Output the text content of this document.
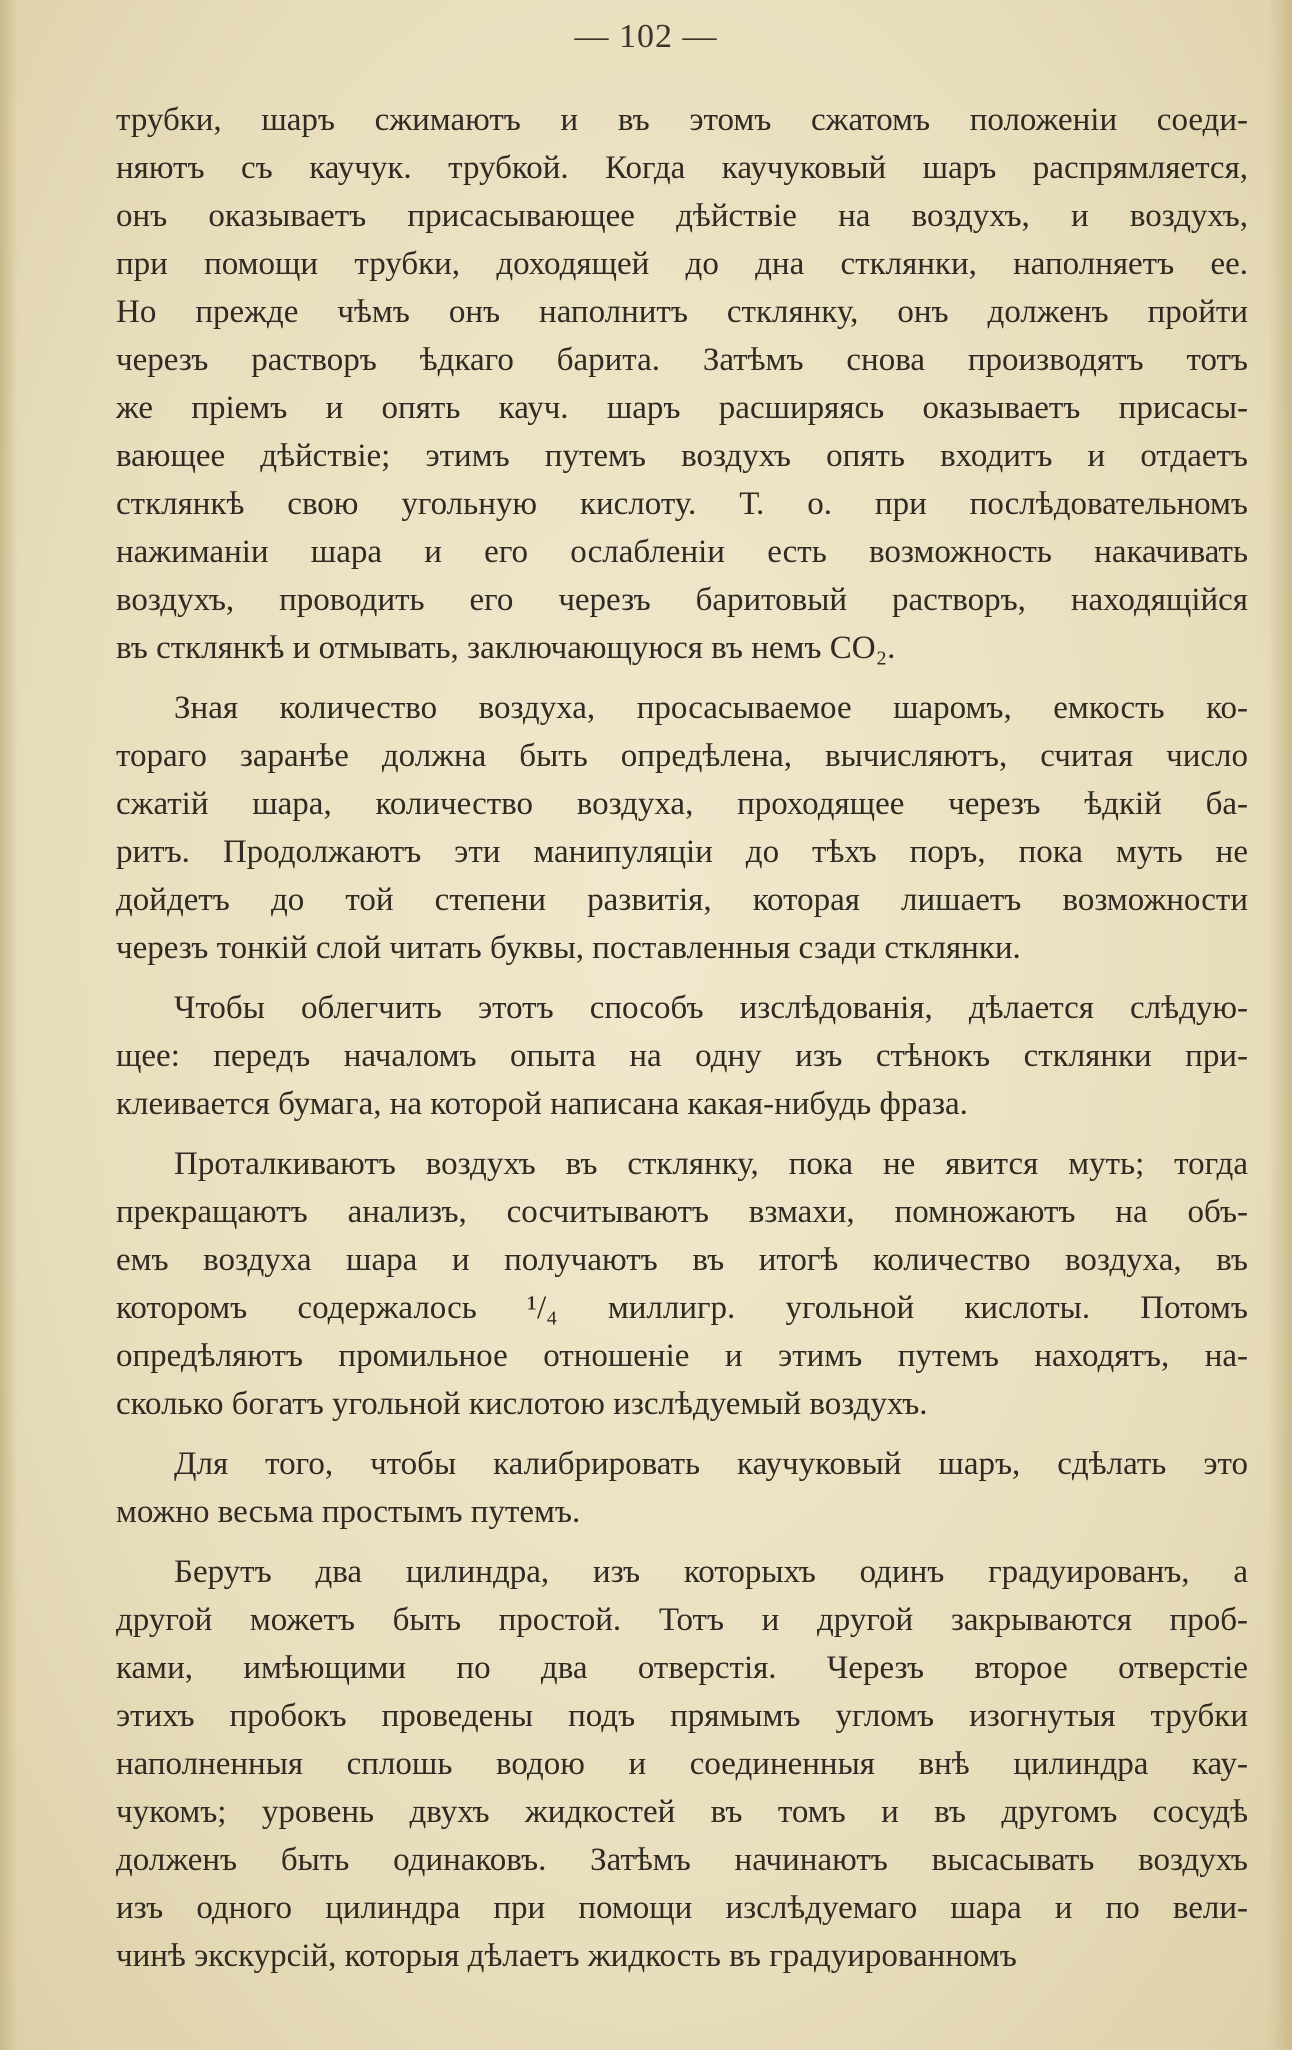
— 102 —

трубки, шаръ сжимаютъ и въ этомъ сжатомъ положеніи соеди-
няютъ съ каучук. трубкой. Когда каучуковый шаръ распрямляется,
онъ оказываетъ присасывающее дѣйствіе на воздухъ, и воздухъ,
при помощи трубки, доходящей до дна стклянки, наполняетъ ее.
Но прежде чѣмъ онъ наполнитъ стклянку, онъ долженъ пройти
черезъ растворъ ѣдкаго барита. Затѣмъ снова производятъ тотъ
же пріемъ и опять кауч. шаръ расширяясь оказываетъ присасы-
вающее дѣйствіе; этимъ путемъ воздухъ опять входитъ и отдаетъ
стклянкѣ свою угольную кислоту. Т. о. при послѣдовательномъ
нажиманіи шара и его ослабленіи есть возможность накачивать
воздухъ, проводить его черезъ баритовый растворъ, находящійся
въ стклянкѣ и отмывать, заключающуюся въ немъ СО₂.

Зная количество воздуха, просасываемое шаромъ, емкость ко-
тораго заранѣе должна быть опредѣлена, вычисляютъ, считая число
сжатій шара, количество воздуха, проходящее черезъ ѣдкій ба-
ритъ. Продолжаютъ эти манипуляціи до тѣхъ поръ, пока муть не
дойдетъ до той степени развитія, которая лишаетъ возможности
черезъ тонкій слой читать буквы, поставленныя сзади стклянки.

Чтобы облегчить этотъ способъ изслѣдованія, дѣлается слѣдую-
щее: передъ началомъ опыта на одну изъ стѣнокъ стклянки при-
клеивается бумага, на которой написана какая-нибудь фраза.

Проталкиваютъ воздухъ въ стклянку, пока не явится муть; тогда
прекращаютъ анализъ, сосчитываютъ взмахи, помножаютъ на объ-
емъ воздуха шара и получаютъ въ итогѣ количество воздуха, въ
которомъ содержалось ¹/₄ миллигр. угольной кислоты. Потомъ
опредѣляютъ промильное отношеніе и этимъ путемъ находятъ, на-
сколько богатъ угольной кислотою изслѣдуемый воздухъ.

Для того, чтобы калибрировать каучуковый шаръ, сдѣлать это
можно весьма простымъ путемъ.

Берутъ два цилиндра, изъ которыхъ одинъ градуированъ, а
другой можетъ быть простой. Тотъ и другой закрываются проб-
ками, имѣющими по два отверстія. Черезъ второе отверстіе
этихъ пробокъ проведены подъ прямымъ угломъ изогнутыя трубки
наполненныя сплошь водою и соединенныя внѣ цилиндра кау-
чукомъ; уровень двухъ жидкостей въ томъ и въ другомъ сосудѣ
долженъ быть одинаковъ. Затѣмъ начинаютъ высасывать воздухъ
изъ одного цилиндра при помощи изслѣдуемаго шара и по вели-
чинѣ экскурсій, которыя дѣлаетъ жидкость въ градуированномъ
